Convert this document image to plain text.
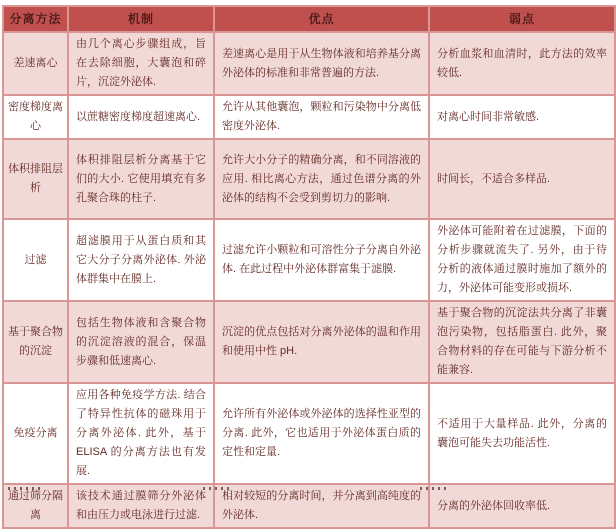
分离方法	机制	优点	弱点
差速离心	由几个离心步骤组成，旨在去除细胞，大囊泡和碎片，沉淀外泌体.	差速离心是用于从生物体液和培养基分离外泌体的标准和非常普遍的方法.	分析血浆和血清时，此方法的效率较低.
密度梯度离心	以蔗糖密度梯度超速离心.	允许从其他囊泡，颗粒和污染物中分离低密度外泌体.	对离心时间非常敏感.
体积排阻层析	体积排阻层析分离基于它们的大小. 它使用填充有多孔聚合珠的柱子.	允许大小分子的精确分离，和不同溶液的应用. 相比离心方法，通过色谱分离的外泌体的结构不会受到剪切力的影响.	时间长，不适合多样品.
过滤	超滤膜用于从蛋白质和其它大分子分离外泌体. 外泌体群集中在膜上.	过滤允许小颗粒和可溶性分子分离自外泌体. 在此过程中外泌体群富集于滤膜.	外泌体可能附着在过滤膜，下面的分析步骤就流失了. 另外，由于待分析的液体通过膜时施加了额外的力，外泌体可能变形或损坏.
基于聚合物的沉淀	包括生物体液和含聚合物的沉淀溶液的混合，保温步骤和低速离心.	沉淀的优点包括对分离外泌体的温和作用和使用中性 pH.	基于聚合物的沉淀法共分离了非囊泡污染物，包括脂蛋白. 此外，聚合物材料的存在可能与下游分析不能兼容.
免疫分离	应用各种免疫学方法. 结合了特异性抗体的磁珠用于分离外泌体. 此外，基于 ELISA 的分离方法也有发展.	允许所有外泌体或外泌体的选择性亚型的分离. 此外，它也适用于外泌体蛋白质的定性和定量.	不适用于大量样品. 此外，分离的囊泡可能失去功能活性.
通过筛分隔离	该技术通过膜筛分外泌体和由压力或电泳进行过滤.	相对较短的分离时间，并分离到高纯度的外泌体.	分离的外泌体回收率低.
